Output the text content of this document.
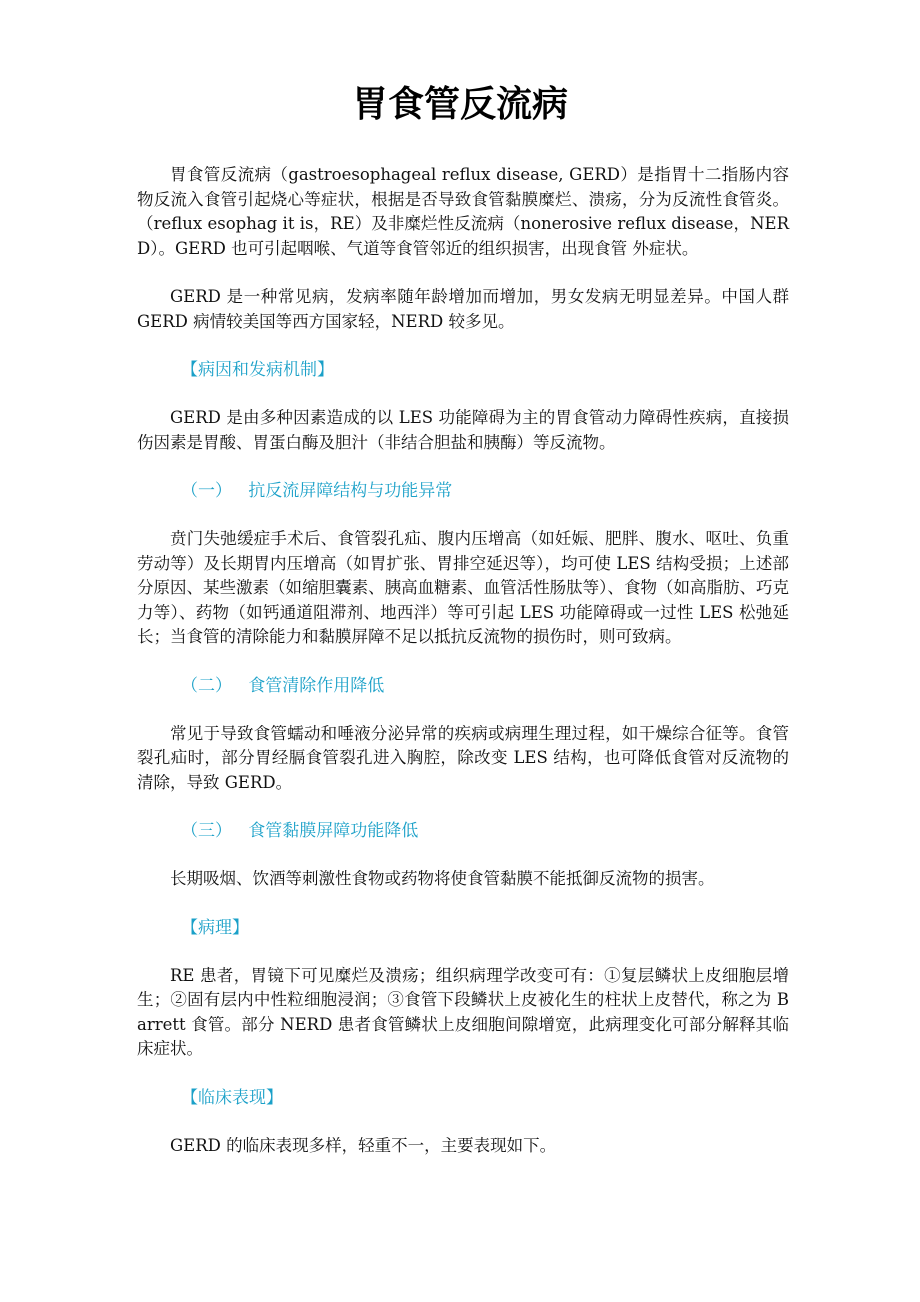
胃食管反流病

胃食管反流病（gastroesophageal reflux disease, GERD）是指胃十二指肠内容物反流入食管引起烧心等症状，根据是否导致食管黏膜糜烂、溃疡，分为反流性食管炎。（reflux esophag it is，RE）及非糜烂性反流病（nonerosive reflux disease，NERD）。GERD 也可引起咽喉、气道等食管邻近的组织损害，出现食管 外症状。

GERD 是一种常见病，发病率随年龄增加而增加，男女发病无明显差异。中国人群 GERD 病情较美国等西方国家轻，NERD 较多见。

【病因和发病机制】

GERD 是由多种因素造成的以 LES 功能障碍为主的胃食管动力障碍性疾病，直接损伤因素是胃酸、胃蛋白酶及胆汁（非结合胆盐和胰酶）等反流物。

（一）   抗反流屏障结构与功能异常

贲门失弛缓症手术后、食管裂孔疝、腹内压增高（如妊娠、肥胖、腹水、呕吐、负重劳动等）及长期胃内压增高（如胃扩张、胃排空延迟等），均可使 LES 结构受损；上述部分原因、某些激素（如缩胆囊素、胰高血糖素、血管活性肠肽等）、食物（如高脂肪、巧克力等）、药物（如钙通道阻滞剂、地西泮）等可引起 LES 功能障碍或一过性 LES 松弛延长；当食管的清除能力和黏膜屏障不足以抵抗反流物的损伤时，则可致病。

（二）   食管清除作用降低

常见于导致食管蠕动和唾液分泌异常的疾病或病理生理过程，如干燥综合征等。食管裂孔疝时，部分胃经膈食管裂孔进入胸腔，除改变 LES 结构，也可降低食管对反流物的清除，导致 GERD。

（三）   食管黏膜屏障功能降低

长期吸烟、饮酒等刺激性食物或药物将使食管黏膜不能抵御反流物的损害。

【病理】

RE 患者，胃镜下可见糜烂及溃疡；组织病理学改变可有：①复层鳞状上皮细胞层增生；②固有层内中性粒细胞浸润；③食管下段鳞状上皮被化生的柱状上皮替代，称之为 Barrett 食管。部分 NERD 患者食管鳞状上皮细胞间隙增宽，此病理变化可部分解释其临床症状。

【临床表现】

GERD 的临床表现多样，轻重不一，主要表现如下。
